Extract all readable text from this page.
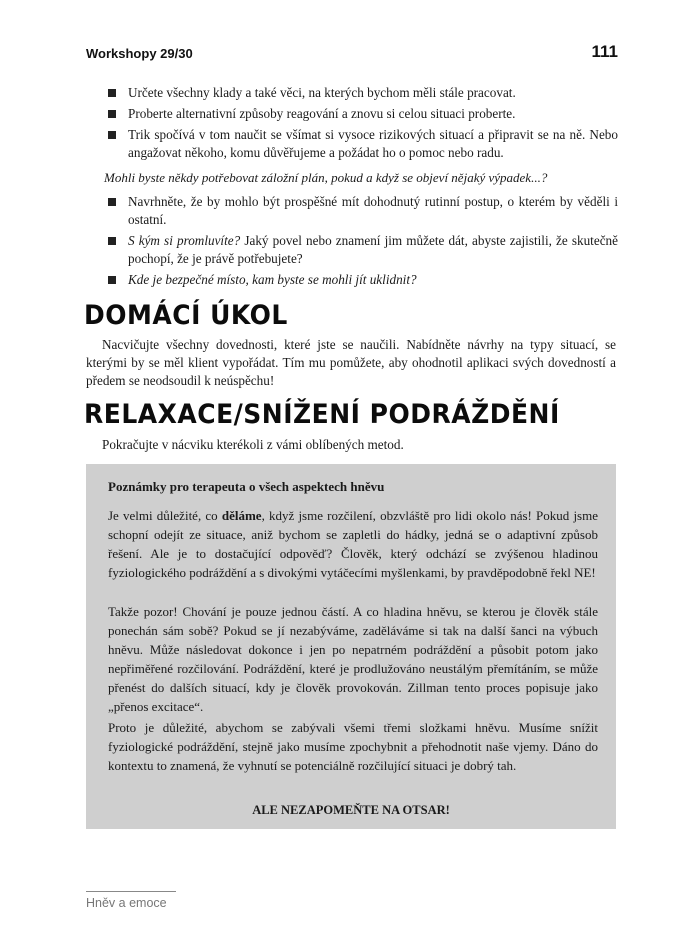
Workshopy 29/30	111
Určete všechny klady a také věci, na kterých bychom měli stále pracovat.
Proberte alternativní způsoby reagování a znovu si celou situaci proberte.
Trik spočívá v tom naučit se všímat si vysoce rizikových situací a připravit se na ně. Nebo angažovat někoho, komu důvěřujeme a požádat ho o pomoc nebo radu.
Mohli byste někdy potřebovat záložní plán, pokud a když se objeví nějaký výpadek...?
Navrhněte, že by mohlo být prospěšné mít dohodnutý rutinní postup, o kterém by věděli i ostatní.
S kým si promluvíte? Jaký povel nebo znamení jim můžete dát, abyste zajistili, že skutečně pochopí, že je právě potřebujete?
Kde je bezpečné místo, kam byste se mohli jít uklidnit?
DOMÁCÍ ÚKOL

Nacvičujte všechny dovednosti, které jste se naučili. Nabídněte návrhy na typy situací, se kterými by se měl klient vypořádat. Tím mu pomůžete, aby ohodnotil aplikaci svých dovedností a předem se neodsoudil k neúspěchu!

RELAXACE/SNÍŽENÍ PODRÁŽDĚNÍ

Pokračujte v nácviku kterékoli z vámi oblíbených metod.

Poznámky pro terapeuta o všech aspektech hněvu

Je velmi důležité, co děláme, když jsme rozčilení, obzvláště pro lidi okolo nás! Pokud jsme schopní odejít ze situace, aniž bychom se zapletli do hádky, jedná se o adaptivní způsob řešení. Ale je to dostačující odpověď? Člověk, který odchází se zvýšenou hladinou fyziologického podráždění a s divokými vytáčecími myšlenkami, by pravděpodobně řekl NE!

Takže pozor! Chování je pouze jednou částí. A co hladina hněvu, se kterou je člověk stále ponechán sám sobě? Pokud se jí nezabýváme, zaděláváme si tak na další šanci na výbuch hněvu. Může následovat dokonce i jen po nepatrném podráždění a působit potom jako nepřiměřené rozčilování. Podráždění, které je prodlužováno neustálým přemítáním, se může přenést do dalších situací, kdy je člověk provokován. Zillman tento proces popisuje jako „přenos excitace“.

Proto je důležité, abychom se zabývali všemi třemi složkami hněvu. Musíme snížit fyziologické podráždění, stejně jako musíme zpochybnit a přehodnotit naše vjemy. Dáno do kontextu to znamená, že vyhnutí se potenciálně rozčilující situaci je dobrý tah.

ALE NEZAPOMEŇTE NA OTSAR!
Hněv a emoce
